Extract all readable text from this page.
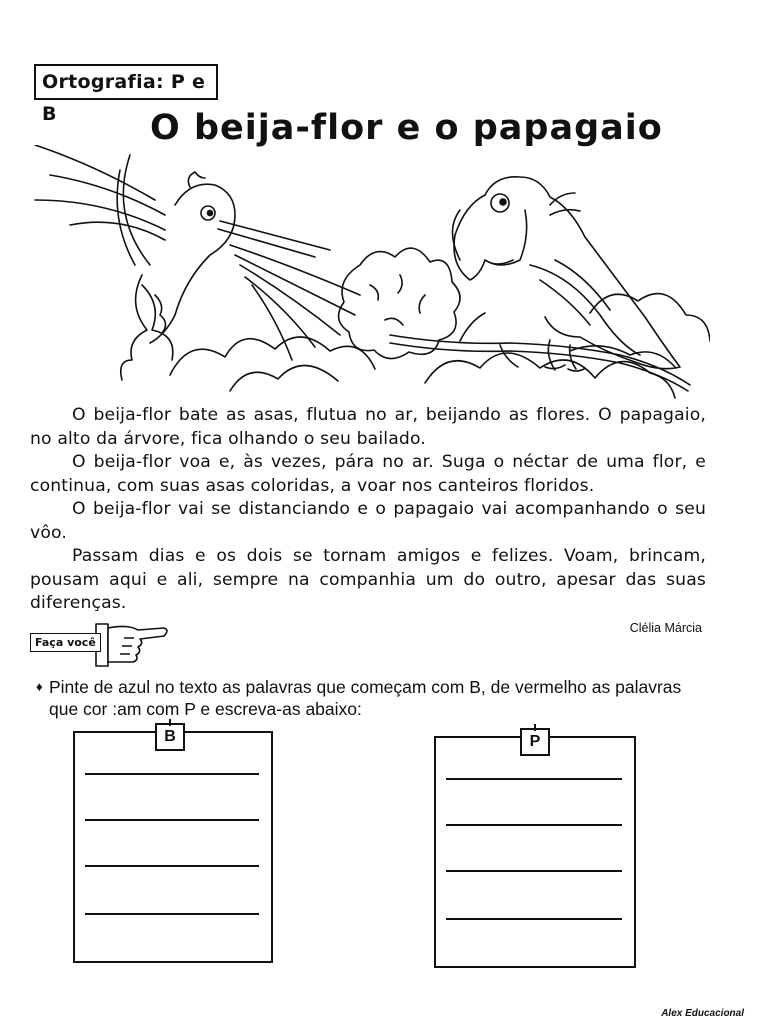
Ortografia: P e B	O beija-flor e o papagaio

O beija-flor bate as asas, flutua no ar, beijando as flores. O papagaio, no alto da árvore, fica olhando o seu bailado.

O beija-flor voa e, às vezes, pára no ar. Suga o néctar de uma flor, e continua, com suas asas coloridas, a voar nos canteiros floridos.

O beija-flor vai se distanciando e o papagaio vai acompanhando o seu vôo.

Passam dias e os dois se tornam amigos e felizes. Voam, brincam, pousam aqui e ali, sempre na companhia um do outro, apesar das suas diferenças.

Clélia Márcia
Faça você
♦ Pinte de azul no texto as palavras que começam com B, de vermelho as palavras que cor :am com P e escreva-as abaixo:
B	P
Alex Educacional
